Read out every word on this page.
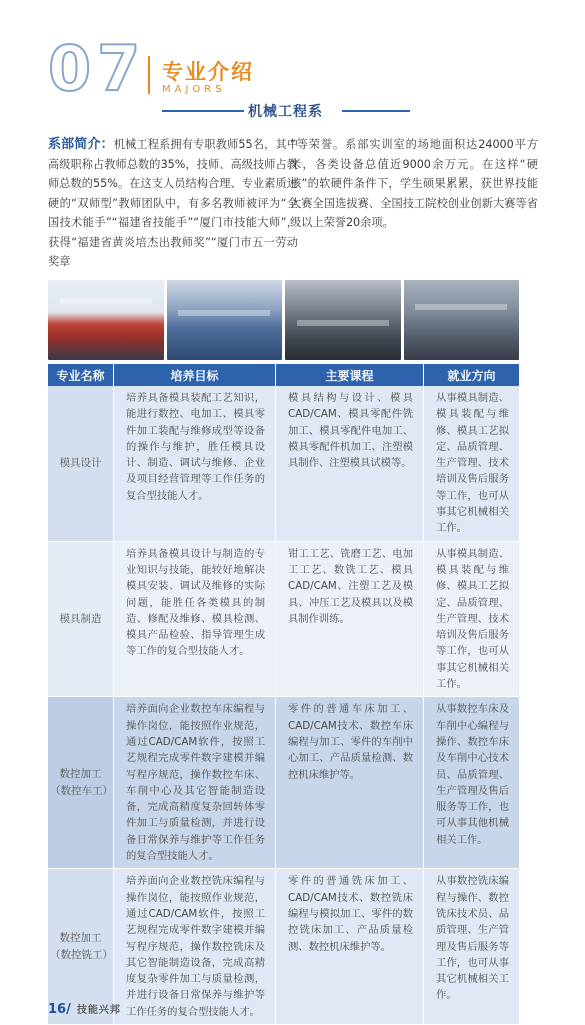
07 专业介绍
MAJORS
机械工程系
系部简介：机械工程系拥有专职教师55名，其中高级职称占教师总数的35%，技师、高级技师占教师总数的55%。在这支人员结构合理、专业素质过硬的“双师型”教师团队中，有多名教师被评为“全国技术能手”“福建省技能手”“厦门市技能大师”，获得“福建省黄炎培杰出教师奖”“厦门市五一劳动奖章
”等荣誉。系部实训室的场地面积达24000平方米，各类设备总值近9000余万元。在这样“硬核”的软硬件条件下，学生硕果累累，获世界技能大赛全国选拔赛、全国技工院校创业创新大赛等省级以上荣誉20余项。
专业名称	培养目标	主要课程	就业方向
模具设计	培养具备模具装配工艺知识，能进行数控、电加工、模具零件加工装配与维修成型等设备的操作与维护，胜任模具设计、制造、调试与维修、企业及项目经营管理等工作任务的复合型技能人才。	模具结构与设计、模具CAD/CAM、模具零配件铣加工、模具零配件电加工、模具零配件机加工、注塑模具制作、注塑模具试模等。	从事模具制造、模具装配与维修、模具工艺拟定、品质管理、生产管理、技术培训及售后服务等工作，也可从事其它机械相关工作。
模具制造	培养具备模具设计与制造的专业知识与技能，能较好地解决模具安装、调试及维修的实际问题，能胜任各类模具的制造、修配及维修、模具检测、模具产品检验、指导管理生成等工作的复合型技能人才。	钳工工艺、铣磨工艺、电加工工艺、数铣工艺、模具CAD/CAM、注塑工艺及模具、冲压工艺及模具以及模具制作训练。	从事模具制造、模具装配与维修、模具工艺拟定、品质管理、生产管理、技术培训及售后服务等工作，也可从事其它机械相关工作。
数控加工
（数控车工）	培养面向企业数控车床编程与操作岗位，能按照作业规范，通过CAD/CAM软件，按照工艺规程完成零件数字建模并编写程序规范，操作数控车床、车削中心及其它智能制造设备，完成高精度复杂回转体零件加工与质量检测，并进行设备日常保养与维护等工作任务的复合型技能人才。	零件的普通车床加工、CAD/CAM技术、数控车床编程与加工、零件的车削中心加工、产品质量检测、数控机床维护等。	从事数控车床及车削中心编程与操作、数控车床及车削中心技术员、品质管理、生产管理及售后服务等工作，也可从事其他机械相关工作。
数控加工
（数控铣工）	培养面向企业数控铣床编程与操作岗位，能按照作业规范，通过CAD/CAM软件，按照工艺规程完成零件数字建模并编写程序规范，操作数控铣床及其它智能制造设备，完成高精度复杂零件加工与质量检测，并进行设备日常保养与维护等工作任务的复合型技能人才。	零件的普通铣床加工、CAD/CAM技术、数控铣床编程与模拟加工、零件的数控铣床加工、产品质量检测、数控机床维护等。	从事数控铣床编程与操作、数控铣床技术员、品质管理、生产管理及售后服务等工作，也可从事其它机械相关工作。
16/ 技能兴邦
